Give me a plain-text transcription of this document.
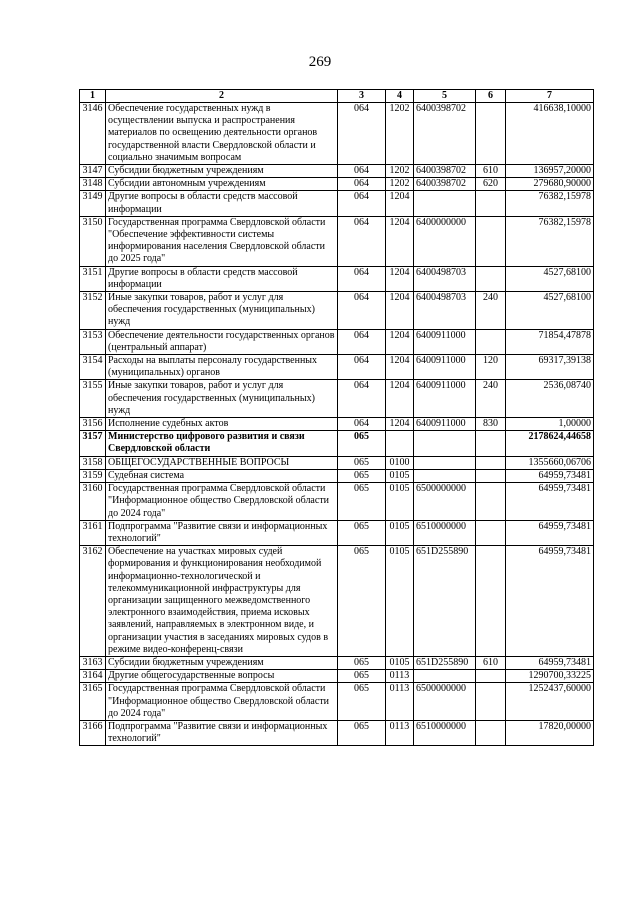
269
1	2	3	4	5	6	7
3146	Обеспечение государственных нужд в осуществлении выпуска и распространения материалов по освещению деятельности органов государственной власти Свердловской области и социально значимым вопросам	064	1202	6400398702		416638,10000
3147	Субсидии бюджетным учреждениям	064	1202	6400398702	610	136957,20000
3148	Субсидии автономным учреждениям	064	1202	6400398702	620	279680,90000
3149	Другие вопросы в области средств массовой информации	064	1204			76382,15978
3150	Государственная программа Свердловской области "Обеспечение эффективности системы информирования населения Свердловской области до 2025 года"	064	1204	6400000000		76382,15978
3151	Другие вопросы в области средств массовой информации	064	1204	6400498703		4527,68100
3152	Иные закупки товаров, работ и услуг для обеспечения государственных (муниципальных) нужд	064	1204	6400498703	240	4527,68100
3153	Обеспечение деятельности государственных органов (центральный аппарат)	064	1204	6400911000		71854,47878
3154	Расходы на выплаты персоналу государственных (муниципальных) органов	064	1204	6400911000	120	69317,39138
3155	Иные закупки товаров, работ и услуг для обеспечения государственных (муниципальных) нужд	064	1204	6400911000	240	2536,08740
3156	Исполнение судебных актов	064	1204	6400911000	830	1,00000
3157	Министерство цифрового развития и связи Свердловской области	065				2178624,44658
3158	ОБЩЕГОСУДАРСТВЕННЫЕ ВОПРОСЫ	065	0100			1355660,06706
3159	Судебная система	065	0105			64959,73481
3160	Государственная программа Свердловской области "Информационное общество Свердловской области до 2024 года"	065	0105	6500000000		64959,73481
3161	Подпрограмма "Развитие связи и информационных технологий"	065	0105	6510000000		64959,73481
3162	Обеспечение на участках мировых судей формирования и функционирования необходимой информационно-технологической и телекоммуникационной инфраструктуры для организации защищенного межведомственного электронного взаимодействия, приема исковых заявлений, направляемых в электронном виде, и организации участия в заседаниях мировых судов в режиме видео-конференц-связи	065	0105	651D255890		64959,73481
3163	Субсидии бюджетным учреждениям	065	0105	651D255890	610	64959,73481
3164	Другие общегосударственные вопросы	065	0113			1290700,33225
3165	Государственная программа Свердловской области "Информационное общество Свердловской области до 2024 года"	065	0113	6500000000		1252437,60000
3166	Подпрограмма "Развитие связи и информационных технологий"	065	0113	6510000000		17820,00000
